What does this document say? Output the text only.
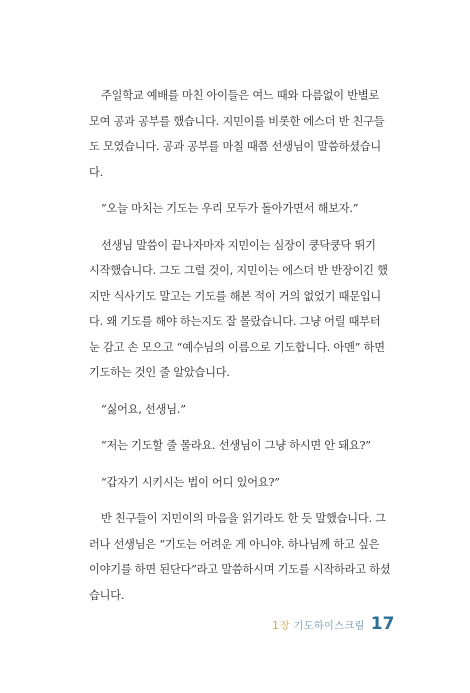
주일학교 예배를 마친 아이들은 여느 때와 다름없이 반별로
모여 공과 공부를 했습니다. 지민이를 비롯한 에스더 반 친구들
도 모였습니다. 공과 공부를 마칠 때쯤 선생님이 말씀하셨습니
다.

“오늘 마치는 기도는 우리 모두가 돌아가면서 해보자.”

선생님 말씀이 끝나자마자 지민이는 심장이 쿵닥쿵닥 뛰기
시작했습니다. 그도 그럴 것이, 지민이는 에스더 반 반장이긴 했
지만 식사기도 말고는 기도를 해본 적이 거의 없었기 때문입니
다. 왜 기도를 해야 하는지도 잘 몰랐습니다. 그냥 어릴 때부터
눈 감고 손 모으고 “예수님의 이름으로 기도합니다. 아멘” 하면
기도하는 것인 줄 알았습니다.

“싫어요, 선생님.”

“저는 기도할 줄 몰라요. 선생님이 그냥 하시면 안 돼요?”

“갑자기 시키시는 법이 어디 있어요?”

반 친구들이 지민이의 마음을 읽기라도 한 듯 말했습니다. 그
러나 선생님은 “기도는 어려운 게 아니야. 하나님께 하고 싶은
이야기를 하면 된단다”라고 말씀하시며 기도를 시작하라고 하셨
습니다.

1 장 기도하이스크림 17
